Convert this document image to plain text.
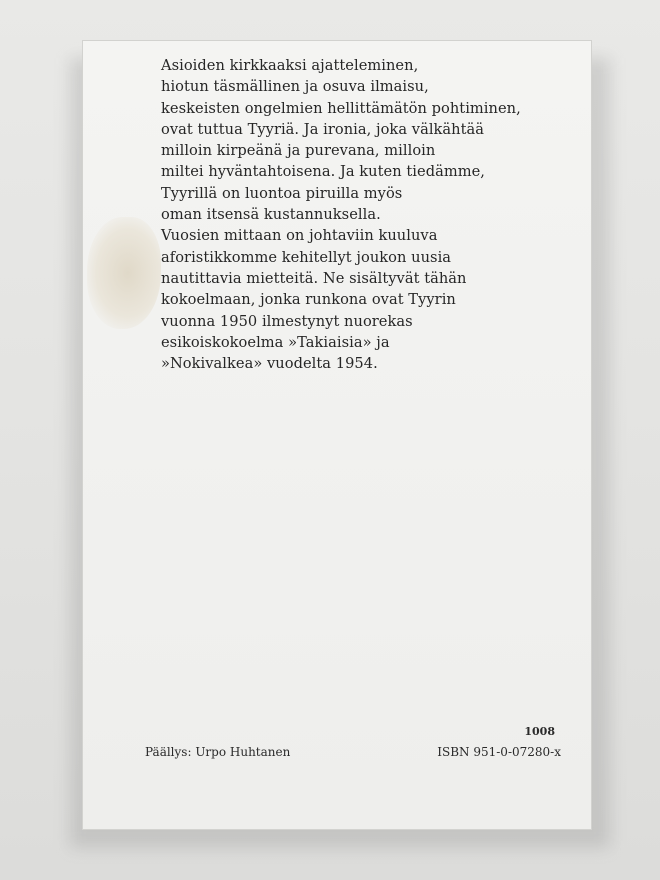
Asioiden kirkkaaksi ajatteleminen,
hiotun täsmällinen ja osuva ilmaisu,
keskeisten ongelmien hellittämätön pohtiminen,
ovat tuttua Tyyriä. Ja ironia, joka välkähtää
milloin kirpeänä ja purevana, milloin
miltei hyväntahtoisena. Ja kuten tiedämme,
Tyyrillä on luontoa piruilla myös
oman itsensä kustannuksella.
Vuosien mittaan on johtaviin kuuluva
aforistikkomme kehitellyt joukon uusia
nautittavia mietteitä. Ne sisältyvät tähän
kokoelmaan, jonka runkona ovat Tyyrin
vuonna 1950 ilmestynyt nuorekas
esikoiskokoelma »Takiaisia» ja
»Nokivalkea» vuodelta 1954.

1008
Päällys: Urpo Huhtanen	ISBN 951-0-07280-x
